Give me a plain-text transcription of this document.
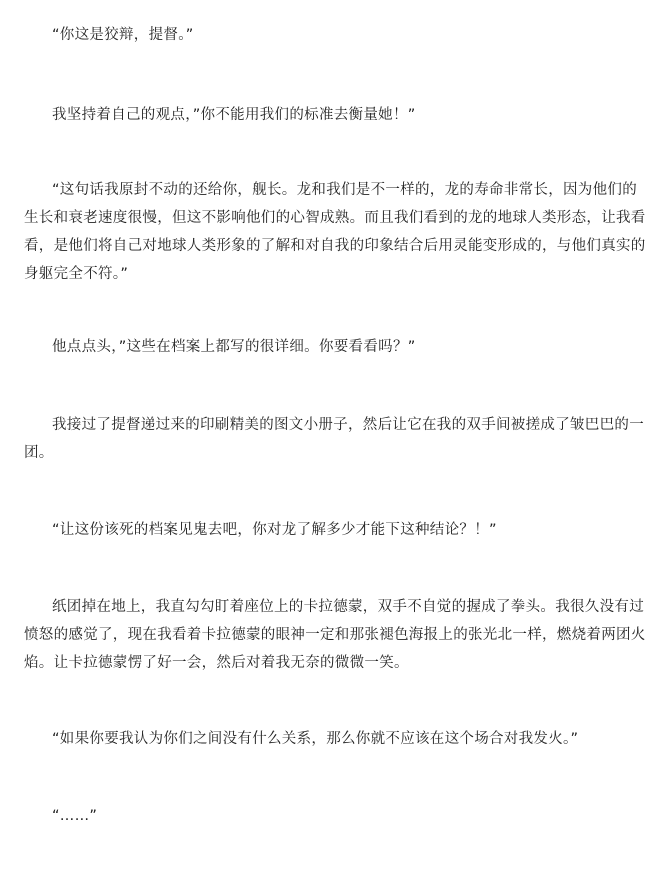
“你这是狡辩，提督。”

我坚持着自己的观点，”你不能用我们的标准去衡量她！”

“这句话我原封不动的还给你，舰长。龙和我们是不一样的，龙的寿命非常长，因为他们的生长和衰老速度很慢，但这不影响他们的心智成熟。而且我们看到的龙的地球人类形态，让我看看，是他们将自己对地球人类形象的了解和对自我的印象结合后用灵能变形成的，与他们真实的身躯完全不符。”

他点点头，”这些在档案上都写的很详细。你要看看吗？”

我接过了提督递过来的印刷精美的图文小册子，然后让它在我的双手间被搓成了皱巴巴的一团。

“让这份该死的档案见鬼去吧，你对龙了解多少才能下这种结论？！”

纸团掉在地上，我直勾勾盯着座位上的卡拉德蒙，双手不自觉的握成了拳头。我很久没有过愤怒的感觉了，现在我看着卡拉德蒙的眼神一定和那张褪色海报上的张光北一样，燃烧着两团火焰。让卡拉德蒙愣了好一会，然后对着我无奈的微微一笑。

“如果你要我认为你们之间没有什么关系，那么你就不应该在这个场合对我发火。”

“……”
